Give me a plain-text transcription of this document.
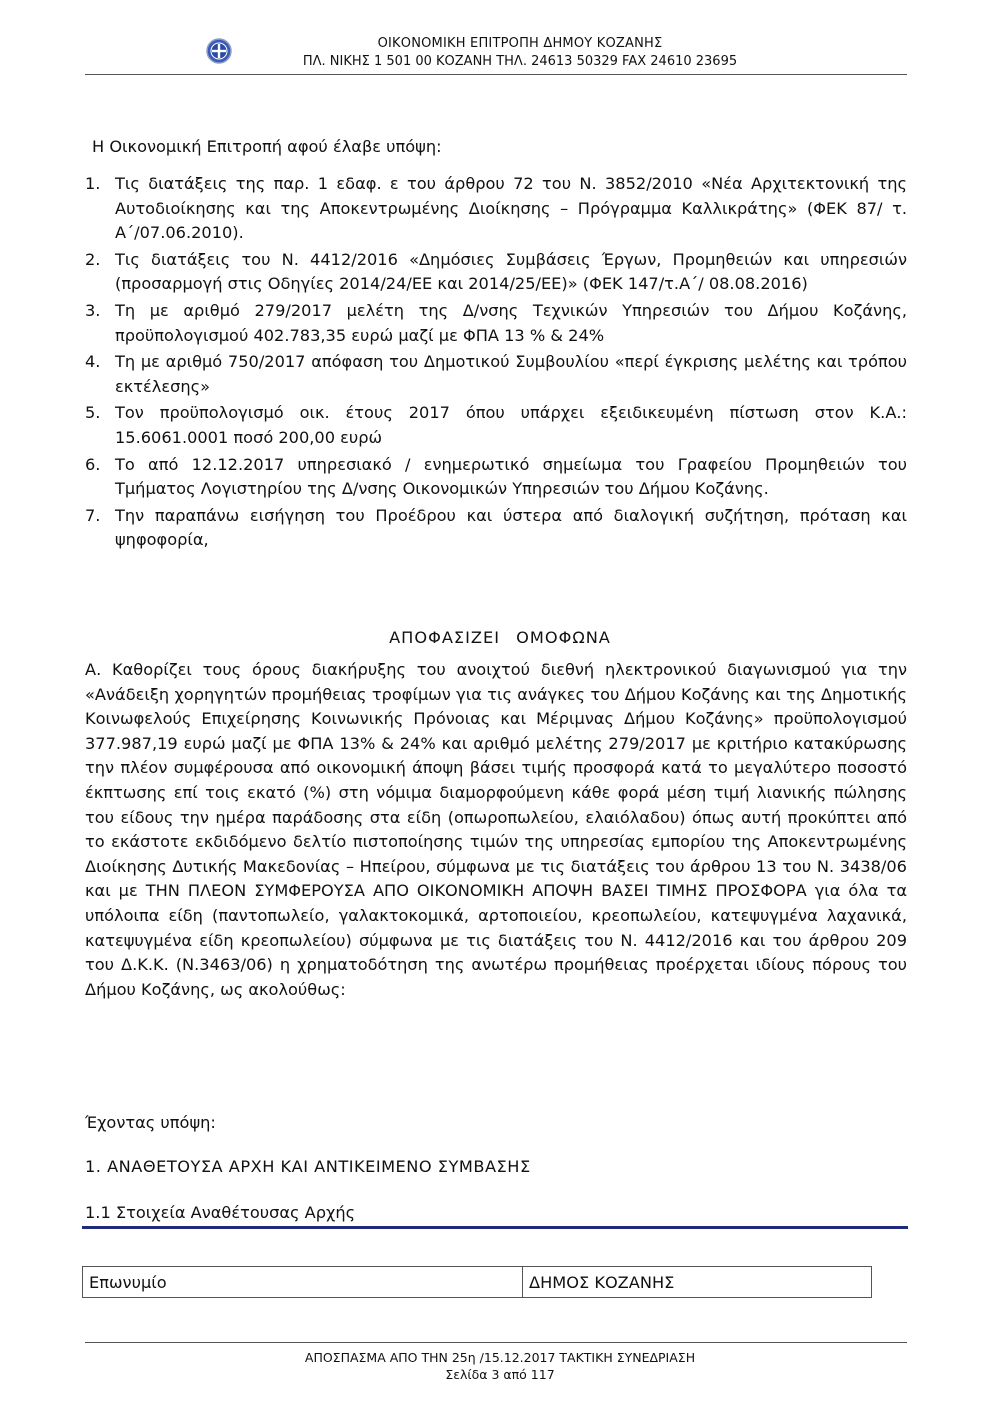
ΟΙΚΟΝΟΜΙΚΗ ΕΠΙΤΡΟΠΗ ΔΗΜΟΥ ΚΟΖΑΝΗΣ
ΠΛ. ΝΙΚΗΣ 1 501 00 ΚΟΖΑΝΗ ΤΗΛ. 24613 50329 FAX 24610 23695
Η Οικονομική Επιτροπή αφού έλαβε υπόψη:
1. Τις διατάξεις της παρ. 1 εδαφ. ε του άρθρου 72 του Ν. 3852/2010 «Νέα Αρχιτεκτονική της Αυτοδιοίκησης και της Αποκεντρωμένης Διοίκησης – Πρόγραμμα Καλλικράτης» (ΦΕΚ 87/ τ. Α΄/07.06.2010).
2. Τις διατάξεις του Ν. 4412/2016 «Δημόσιες Συμβάσεις Έργων, Προμηθειών και υπηρεσιών (προσαρμογή στις Οδηγίες 2014/24/ΕΕ και 2014/25/ΕΕ)» (ΦΕΚ 147/τ.Α΄/ 08.08.2016)
3. Τη με αριθμό 279/2017 μελέτη της Δ/νσης Τεχνικών Υπηρεσιών του Δήμου Κοζάνης, προϋπολογισμού 402.783,35 ευρώ μαζί με ΦΠΑ 13 % & 24%
4. Τη με αριθμό 750/2017 απόφαση του Δημοτικού Συμβουλίου «περί έγκρισης μελέτης και τρόπου εκτέλεσης»
5. Τον προϋπολογισμό οικ. έτους 2017 όπου υπάρχει εξειδικευμένη πίστωση στον Κ.Α.: 15.6061.0001 ποσό 200,00 ευρώ
6. Το από 12.12.2017 υπηρεσιακό / ενημερωτικό σημείωμα του Γραφείου Προμηθειών του Τμήματος Λογιστηρίου της Δ/νσης Οικονομικών Υπηρεσιών του Δήμου Κοζάνης.
7. Την παραπάνω εισήγηση του Προέδρου και ύστερα από διαλογική συζήτηση, πρόταση και ψηφοφορία,
ΑΠΟΦΑΣΙΖΕΙ ΟΜΟΦΩΝΑ
Α. Καθορίζει τους όρους διακήρυξης του ανοιχτού διεθνή ηλεκτρονικού διαγωνισμού για την «Ανάδειξη χορηγητών προμήθειας τροφίμων για τις ανάγκες του Δήμου Κοζάνης και της Δημοτικής Κοινωφελούς Επιχείρησης Κοινωνικής Πρόνοιας και Μέριμνας Δήμου Κοζάνης» προϋπολογισμού 377.987,19 ευρώ μαζί με ΦΠΑ 13% & 24% και αριθμό μελέτης 279/2017 με κριτήριο κατακύρωσης την πλέον συμφέρουσα από οικονομική άποψη βάσει τιμής προσφορά κατά το μεγαλύτερο ποσοστό έκπτωσης επί τοις εκατό (%) στη νόμιμα διαμορφούμενη κάθε φορά μέση τιμή λιανικής πώλησης του είδους την ημέρα παράδοσης στα είδη (οπωροπωλείου, ελαιόλαδου) όπως αυτή προκύπτει από το εκάστοτε εκδιδόμενο δελτίο πιστοποίησης τιμών της υπηρεσίας εμπορίου της Αποκεντρωμένης Διοίκησης Δυτικής Μακεδονίας – Ηπείρου, σύμφωνα με τις διατάξεις του άρθρου 13 του Ν. 3438/06 και με ΤΗΝ ΠΛΕΟΝ ΣΥΜΦΕΡΟΥΣΑ ΑΠΟ ΟΙΚΟΝΟΜΙΚΗ ΑΠΟΨΗ ΒΑΣΕΙ ΤΙΜΗΣ ΠΡΟΣΦΟΡΑ για όλα τα υπόλοιπα είδη (παντοπωλείο, γαλακτοκομικά, αρτοποιείου, κρεοπωλείου, κατεψυγμένα λαχανικά, κατεψυγμένα είδη κρεοπωλείου) σύμφωνα με τις διατάξεις του Ν. 4412/2016 και του άρθρου 209 του Δ.Κ.Κ. (Ν.3463/06) η χρηματοδότηση της ανωτέρω προμήθειας προέρχεται ιδίους πόρους του Δήμου Κοζάνης, ως ακολούθως:
Έχοντας υπόψη:
1. ΑΝΑΘΕΤΟΥΣΑ ΑΡΧΗ ΚΑΙ ΑΝΤΙΚΕΙΜΕΝΟ ΣΥΜΒΑΣΗΣ
1.1 Στοιχεία Αναθέτουσας Αρχής
Επωνυμίο	ΔΗΜΟΣ ΚΟΖΑΝΗΣ
ΑΠΟΣΠΑΣΜΑ ΑΠΟ ΤΗΝ 25η /15.12.2017 ΤΑΚΤΙΚΗ ΣΥΝΕΔΡΙΑΣΗ
Σελίδα 3 από 117
